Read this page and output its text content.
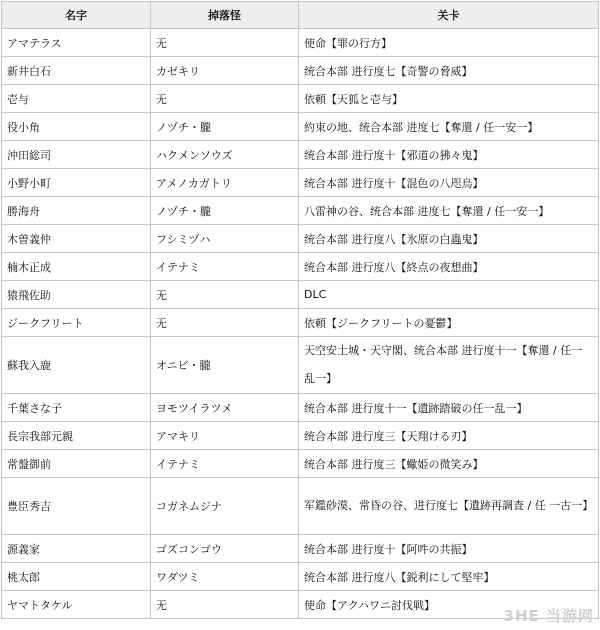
名字	掉落怪	关卡
アマテラス	无	使命【罪の行方】
新井白石	カゼキリ	统合本部 进行度七【奇警の脅威】
壱与	无	依頼【天狐と壱与】
役小角	ノヅチ・朧	約束の地、统合本部 进度七【奪還 / 任一安一】
沖田総司	ハクメンソウズ	统合本部 进行度十【邪道の狒々鬼】
小野小町	アメノカガトリ	统合本部 进行度十【混色の八咫烏】
勝海舟	ノヅチ・朧	八雷神の谷、统合本部 进度七【奪還 / 任一安一】
木曽義仲	フシミヅハ	统合本部 进行度八【氷原の白蟲鬼】
楠木正成	イテナミ	统合本部 进行度八【終点の夜想曲】
猿飛佐助	无	DLC
ジークフリート	无	依頼【ジークフリートの憂鬱】
蘇我入鹿	オニビ・朧	天空安土城・天守閣、统合本部 进行度十一【奪還 / 任一乱一】
千葉さな子	ヨモツイラツメ	统合本部 进行度十一【遺跡踏破の任一乱一】
長宗我部元親	アマキリ	统合本部 进行度三【天翔ける刃】
常盤御前	イテナミ	统合本部 进行度三【蠍姫の微笑み】
豊臣秀吉	コガネムジナ	军鑑砂漠、常昏の谷、进行度七【遺跡再調査 / 任 一古一】
源義家	ゴズコンゴウ	统合本部 进行度十【阿吽の共振】
桃太郎	ワダツミ	统合本部 进行度八【鋭利にして堅牢】
ヤマトタケル	无	使命【アクハワニ討伐戦】
3HE 当游网
